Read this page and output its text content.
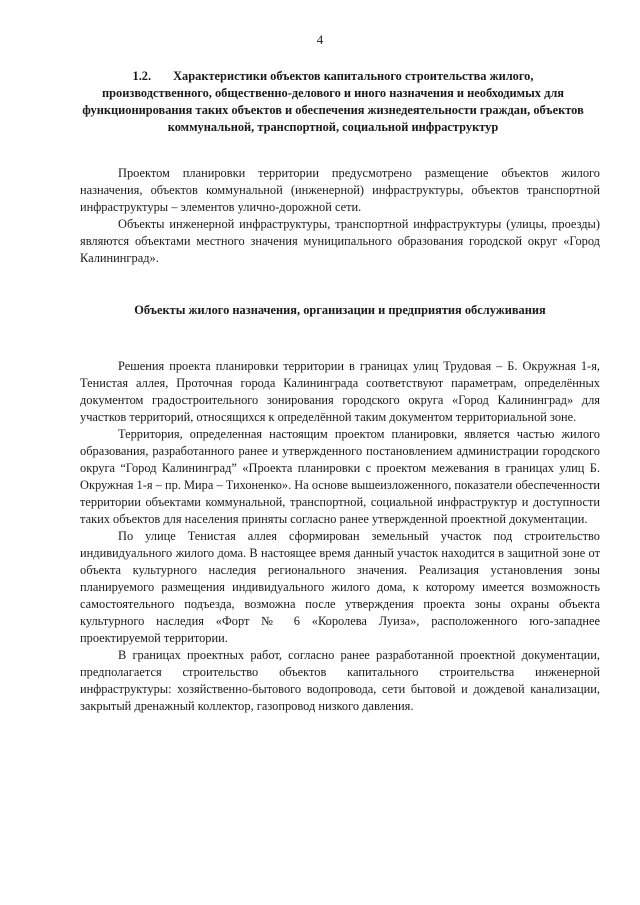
4
1.2. Характеристики объектов капитального строительства жилого, производственного, общественно-делового и иного назначения и необходимых для функционирования таких объектов и обеспечения жизнедеятельности граждан, объектов коммунальной, транспортной, социальной инфраструктур

Проектом планировки территории предусмотрено размещение объектов жилого назначения, объектов коммунальной (инженерной) инфраструктуры, объектов транспортной инфраструктуры – элементов улично-дорожной сети.

Объекты инженерной инфраструктуры, транспортной инфраструктуры (улицы, проезды) являются объектами местного значения муниципального образования городской округ «Город Калининград».

Объекты жилого назначения, организации и предприятия обслуживания

Решения проекта планировки территории в границах улиц Трудовая – Б. Окружная 1-я, Тенистая аллея, Проточная города Калининграда соответствуют параметрам, определённых документом градостроительного зонирования городского округа «Город Калининград» для участков территорий, относящихся к определённой таким документом территориальной зоне.

Территория, определенная настоящим проектом планировки, является частью жилого образования, разработанного ранее и утвержденного постановлением администрации городского округа “Город Калининград” «Проекта планировки с проектом межевания в границах улиц Б. Окружная 1-я – пр. Мира – Тихоненко». На основе вышеизложенного, показатели обеспеченности территории объектами коммунальной, транспортной, социальной инфраструктур и доступности таких объектов для населения приняты согласно ранее утвержденной проектной документации.

По улице Тенистая аллея сформирован земельный участок под строительство индивидуального жилого дома. В настоящее время данный участок находится в защитной зоне от объекта культурного наследия регионального значения. Реализация установления зоны планируемого размещения индивидуального жилого дома, к которому имеется возможность самостоятельного подъезда, возможна после утверждения проекта зоны охраны объекта культурного наследия «Форт № 6 «Королева Луиза», расположенного юго-западнее проектируемой территории.

В границах проектных работ, согласно ранее разработанной проектной документации, предполагается строительство объектов капитального строительства инженерной инфраструктуры: хозяйственно-бытового водопровода, сети бытовой и дождевой канализации, закрытый дренажный коллектор, газопровод низкого давления.
